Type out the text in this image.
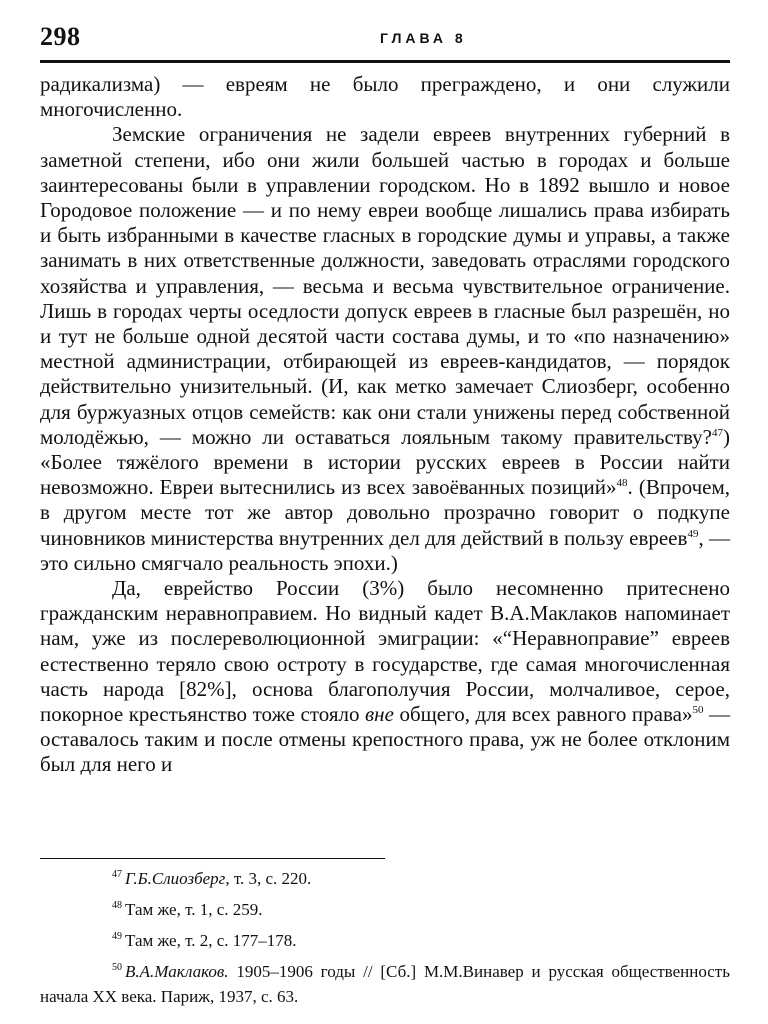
298	ГЛАВА 8

радикализма) — евреям не было преграждено, и они служили многочисленно.

Земские ограничения не задели евреев внутренних губерний в заметной степени, ибо они жили большей частью в городах и больше заинтересованы были в управлении городском. Но в 1892 вышло и новое Городовое положение — и по нему евреи вообще лишались права избирать и быть избранными в качестве гласных в городские думы и управы, а также занимать в них ответственные должности, заведовать отраслями городского хозяйства и управления, — весьма и весьма чувствительное ограничение. Лишь в городах черты оседлости допуск евреев в гласные был разрешён, но и тут не больше одной десятой части состава думы, и то «по назначению» местной администрации, отбирающей из евреев-кандидатов, — порядок действительно унизительный. (И, как метко замечает Слиозберг, особенно для буржуазных отцов семейств: как они стали унижены перед собственной молодёжью, — можно ли оставаться лояльным такому правительству?$^{47}$) «Более тяжёлого времени в истории русских евреев в России найти невозможно. Евреи вытеснились из всех завоёванных позиций»$^{48}$. (Впрочем, в другом месте тот же автор довольно прозрачно говорит о подкупе чиновников министерства внутренних дел для действий в пользу евреев$^{49}$, — это сильно смягчало реальность эпохи.)

Да, еврейство России (3%) было несомненно притеснено гражданским неравноправием. Но видный кадет В.А.Маклаков напоминает нам, уже из послереволюционной эмиграции: «“Неравноправие” евреев естественно теряло свою остроту в государстве, где самая многочисленная часть народа [82%], основа благополучия России, молчаливое, серое, покорное крестьянство тоже стояло вне общего, для всех равного права»$^{50}$ — оставалось таким и после отмены крепостного права, уж не более отклоним был для него и

$^{47}$ Г.Б.Слиозберг, т. 3, с. 220.

$^{48}$ Там же, т. 1, с. 259.

$^{49}$ Там же, т. 2, с. 177–178.

$^{50}$ В.А.Маклаков. 1905–1906 годы // [Сб.] М.М.Винавер и русская общественность начала XX века. Париж, 1937, с. 63.
